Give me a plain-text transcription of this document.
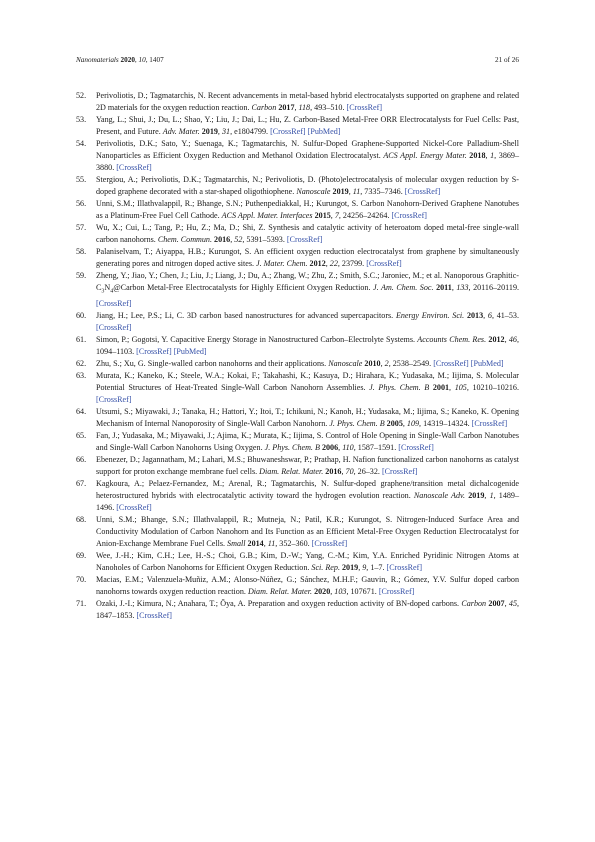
Nanomaterials 2020, 10, 1407	21 of 26
52. Perivoliotis, D.; Tagmatarchis, N. Recent advancements in metal-based hybrid electrocatalysts supported on graphene and related 2D materials for the oxygen reduction reaction. Carbon 2017, 118, 493–510. [CrossRef]
53. Yang, L.; Shui, J.; Du, L.; Shao, Y.; Liu, J.; Dai, L.; Hu, Z. Carbon-Based Metal-Free ORR Electrocatalysts for Fuel Cells: Past, Present, and Future. Adv. Mater. 2019, 31, e1804799. [CrossRef] [PubMed]
54. Perivoliotis, D.K.; Sato, Y.; Suenaga, K.; Tagmatarchis, N. Sulfur-Doped Graphene-Supported Nickel-Core Palladium-Shell Nanoparticles as Efficient Oxygen Reduction and Methanol Oxidation Electrocatalyst. ACS Appl. Energy Mater. 2018, 1, 3869–3880. [CrossRef]
55. Stergiou, A.; Perivoliotis, D.K.; Tagmatarchis, N.; Perivoliotis, D. (Photo)electrocatalysis of molecular oxygen reduction by S-doped graphene decorated with a star-shaped oligothiophene. Nanoscale 2019, 11, 7335–7346. [CrossRef]
56. Unni, S.M.; Illathvalappil, R.; Bhange, S.N.; Puthenpediakkal, H.; Kurungot, S. Carbon Nanohorn-Derived Graphene Nanotubes as a Platinum-Free Fuel Cell Cathode. ACS Appl. Mater. Interfaces 2015, 7, 24256–24264. [CrossRef]
57. Wu, X.; Cui, L.; Tang, P.; Hu, Z.; Ma, D.; Shi, Z. Synthesis and catalytic activity of heteroatom doped metal-free single-wall carbon nanohorns. Chem. Commun. 2016, 52, 5391–5393. [CrossRef]
58. Palaniselvam, T.; Aiyappa, H.B.; Kurungot, S. An efficient oxygen reduction electrocatalyst from graphene by simultaneously generating pores and nitrogen doped active sites. J. Mater. Chem. 2012, 22, 23799. [CrossRef]
59. Zheng, Y.; Jiao, Y.; Chen, J.; Liu, J.; Liang, J.; Du, A.; Zhang, W.; Zhu, Z.; Smith, S.C.; Jaroniec, M.; et al. Nanoporous Graphitic-$C_3N_4@Carbon$ Metal-Free Electrocatalysts for Highly Efficient Oxygen Reduction. J. Am. Chem. Soc. 2011, 133, 20116–20119. [CrossRef]
60. Jiang, H.; Lee, P.S.; Li, C. 3D carbon based nanostructures for advanced supercapacitors. Energy Environ. Sci. 2013, 6, 41–53. [CrossRef]
61. Simon, P.; Gogotsi, Y. Capacitive Energy Storage in Nanostructured Carbon–Electrolyte Systems. Accounts Chem. Res. 2012, 46, 1094–1103. [CrossRef] [PubMed]
62. Zhu, S.; Xu, G. Single-walled carbon nanohorns and their applications. Nanoscale 2010, 2, 2538–2549. [CrossRef] [PubMed]
63. Murata, K.; Kaneko, K.; Steele, W.A.; Kokai, F.; Takahashi, K.; Kasuya, D.; Hirahara, K.; Yudasaka, M.; Iijima, S. Molecular Potential Structures of Heat-Treated Single-Wall Carbon Nanohorn Assemblies. J. Phys. Chem. B 2001, 105, 10210–10216. [CrossRef]
64. Utsumi, S.; Miyawaki, J.; Tanaka, H.; Hattori, Y.; Itoi, T.; Ichikuni, N.; Kanoh, H.; Yudasaka, M.; Iijima, S.; Kaneko, K. Opening Mechanism of Internal Nanoporosity of Single-Wall Carbon Nanohorn. J. Phys. Chem. B 2005, 109, 14319–14324. [CrossRef]
65. Fan, J.; Yudasaka, M.; Miyawaki, J.; Ajima, K.; Murata, K.; Iijima, S. Control of Hole Opening in Single-Wall Carbon Nanotubes and Single-Wall Carbon Nanohorns Using Oxygen. J. Phys. Chem. B 2006, 110, 1587–1591. [CrossRef]
66. Ebenezer, D.; Jagannatham, M.; Lahari, M.S.; Bhuwaneshswar, P.; Prathap, H. Nafion functionalized carbon nanohorns as catalyst support for proton exchange membrane fuel cells. Diam. Relat. Mater. 2016, 70, 26–32. [CrossRef]
67. Kagkoura, A.; Pelaez-Fernandez, M.; Arenal, R.; Tagmatarchis, N. Sulfur-doped graphene/transition metal dichalcogenide heterostructured hybrids with electrocatalytic activity toward the hydrogen evolution reaction. Nanoscale Adv. 2019, 1, 1489–1496. [CrossRef]
68. Unni, S.M.; Bhange, S.N.; Illathvalappil, R.; Mutneja, N.; Patil, K.R.; Kurungot, S. Nitrogen-Induced Surface Area and Conductivity Modulation of Carbon Nanohorn and Its Function as an Efficient Metal-Free Oxygen Reduction Electrocatalyst for Anion-Exchange Membrane Fuel Cells. Small 2014, 11, 352–360. [CrossRef]
69. Wee, J.-H.; Kim, C.H.; Lee, H.-S.; Choi, G.B.; Kim, D.-W.; Yang, C.-M.; Kim, Y.A. Enriched Pyridinic Nitrogen Atoms at Nanoholes of Carbon Nanohorns for Efficient Oxygen Reduction. Sci. Rep. 2019, 9, 1–7. [CrossRef]
70. Macias, E.M.; Valenzuela-Muñiz, A.M.; Alonso-Núñez, G.; Sánchez, M.H.F.; Gauvin, R.; Gómez, Y.V. Sulfur doped carbon nanohorns towards oxygen reduction reaction. Diam. Relat. Mater. 2020, 103, 107671. [CrossRef]
71. Ozaki, J.-I.; Kimura, N.; Anahara, T.; Ōya, A. Preparation and oxygen reduction activity of BN-doped carbons. Carbon 2007, 45, 1847–1853. [CrossRef]
